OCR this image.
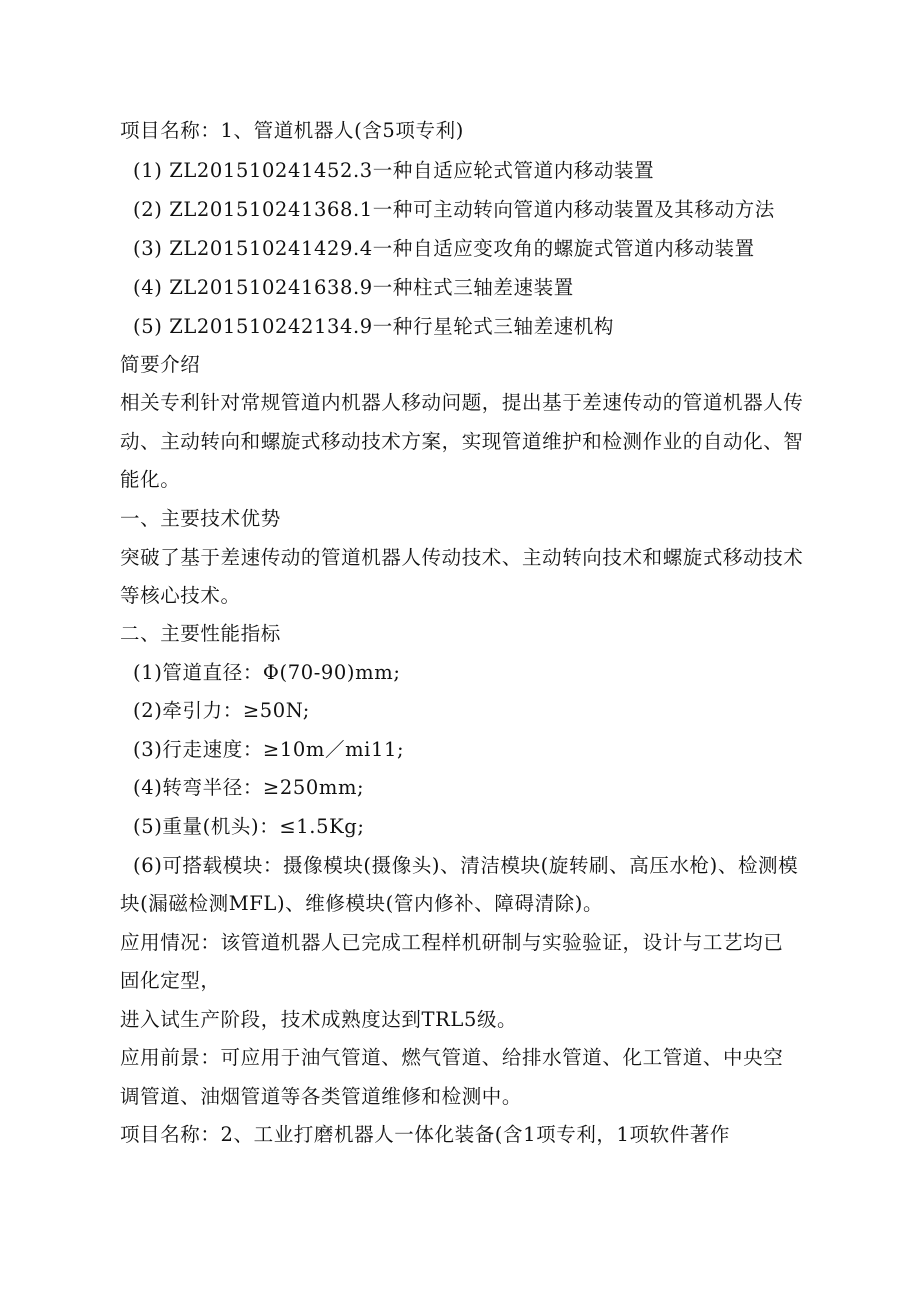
项目名称：1、管道机器人(含5项专利)
(1) ZL201510241452.3一种自适应轮式管道内移动装置
(2) ZL201510241368.1一种可主动转向管道内移动装置及其移动方法
(3) ZL201510241429.4一种自适应变攻角的螺旋式管道内移动装置
(4) ZL201510241638.9一种柱式三轴差速装置
(5) ZL201510242134.9一种行星轮式三轴差速机构
简要介绍
相关专利针对常规管道内机器人移动问题，提出基于差速传动的管道机器人传
动、主动转向和螺旋式移动技术方案，实现管道维护和检测作业的自动化、智
能化。
一、主要技术优势
突破了基于差速传动的管道机器人传动技术、主动转向技术和螺旋式移动技术
等核心技术。
二、主要性能指标
(1)管道直径：Φ(70-90)mm;
(2)牵引力：≥50N;
(3)行走速度：≥10m／mi11;
(4)转弯半径：≥250mm;
(5)重量(机头)：≤1.5Kg;
(6)可搭载模块：摄像模块(摄像头)、清洁模块(旋转刷、高压水枪)、检测模
块(漏磁检测MFL)、维修模块(管内修补、障碍清除)。
应用情况：该管道机器人已完成工程样机研制与实验验证，设计与工艺均已
固化定型，
进入试生产阶段，技术成熟度达到TRL5级。
应用前景：可应用于油气管道、燃气管道、给排水管道、化工管道、中央空
调管道、油烟管道等各类管道维修和检测中。
项目名称：2、工业打磨机器人一体化装备(含1项专利，1项软件著作
